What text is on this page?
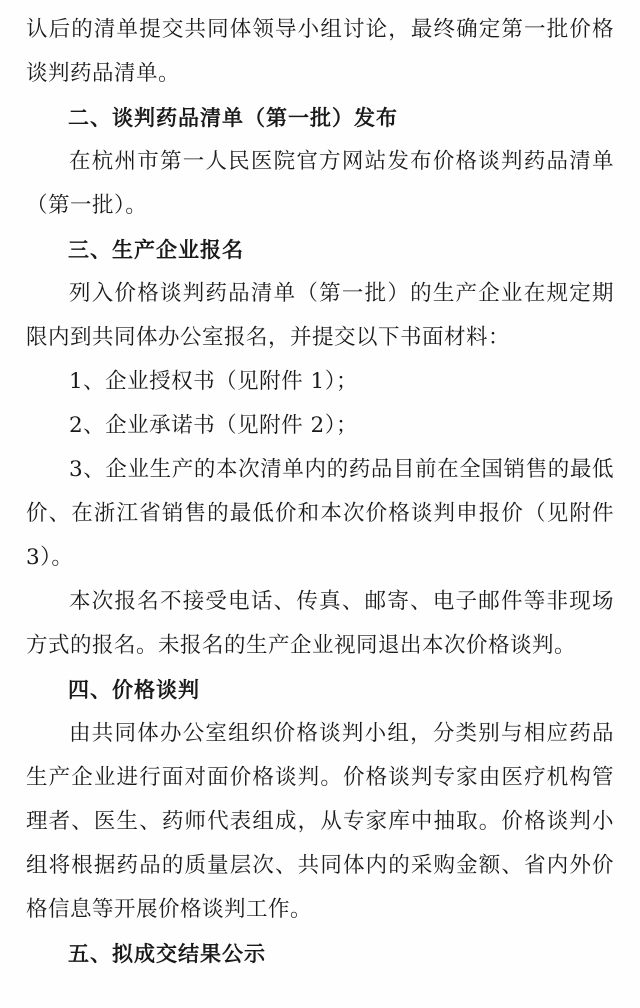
认后的清单提交共同体领导小组讨论，最终确定第一批价格谈判药品清单。

二、谈判药品清单（第一批）发布

在杭州市第一人民医院官方网站发布价格谈判药品清单（第一批）。

三、生产企业报名

列入价格谈判药品清单（第一批）的生产企业在规定期限内到共同体办公室报名，并提交以下书面材料：

1、企业授权书（见附件 1）；

2、企业承诺书（见附件 2）；

3、企业生产的本次清单内的药品目前在全国销售的最低价、在浙江省销售的最低价和本次价格谈判申报价（见附件 3）。

本次报名不接受电话、传真、邮寄、电子邮件等非现场方式的报名。未报名的生产企业视同退出本次价格谈判。

四、价格谈判

由共同体办公室组织价格谈判小组，分类别与相应药品生产企业进行面对面价格谈判。价格谈判专家由医疗机构管理者、医生、药师代表组成，从专家库中抽取。价格谈判小组将根据药品的质量层次、共同体内的采购金额、省内外价格信息等开展价格谈判工作。

五、拟成交结果公示
